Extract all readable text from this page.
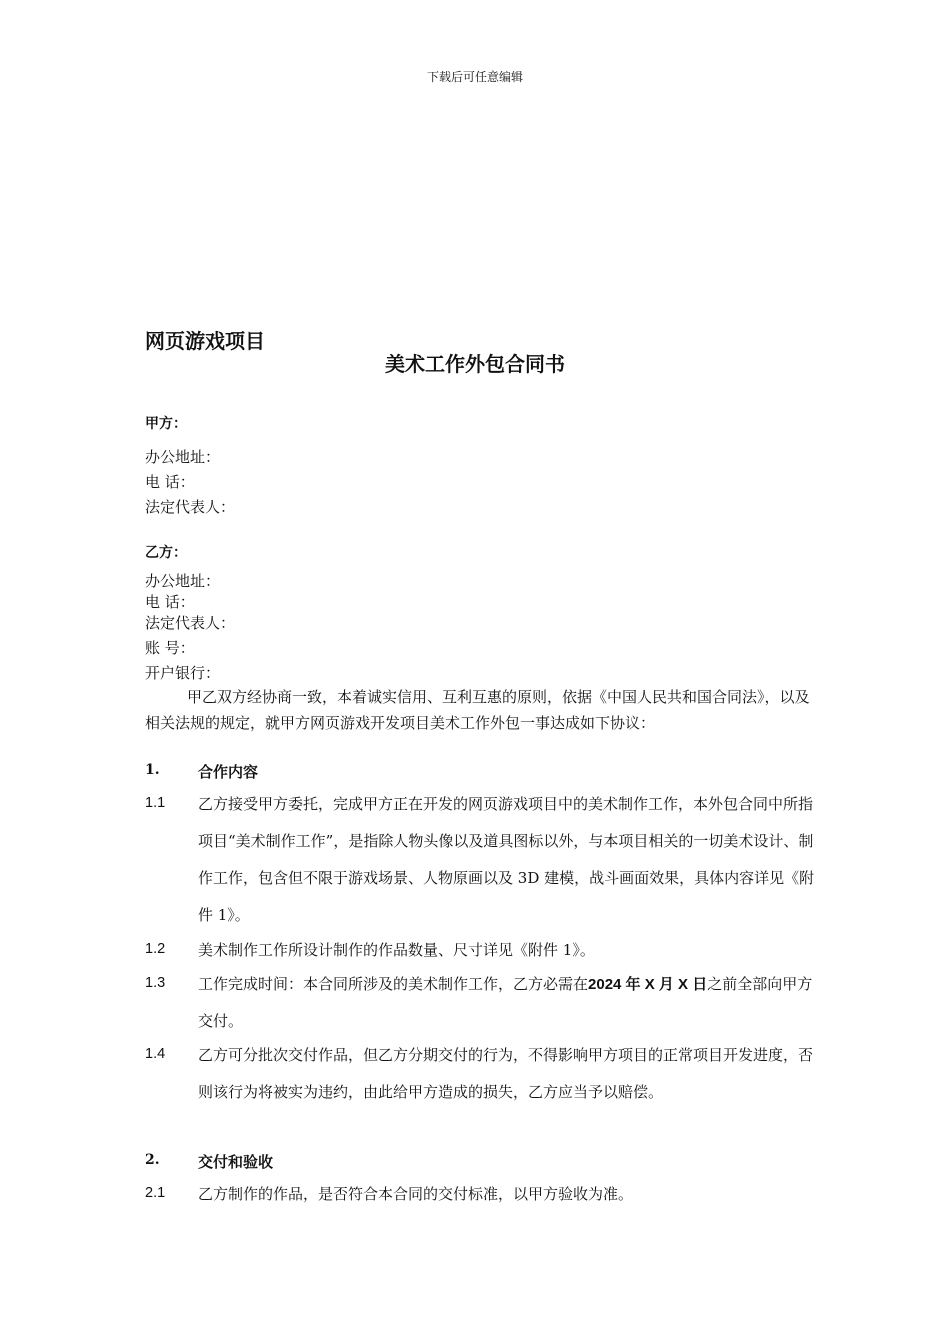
下载后可任意编辑
网页游戏项目
美术工作外包合同书
甲方：
办公地址：
电 话：
法定代表人：
乙方：
办公地址：
电 话：
法定代表人：
账 号：
开户银行：
甲乙双方经协商一致，本着诚实信用、互利互惠的原则，依据《中国人民共和国合同法》，以及相关法规的规定，就甲方网页游戏开发项目美术工作外包一事达成如下协议：
1.	合作内容
1.1 乙方接受甲方委托，完成甲方正在开发的网页游戏项目中的美术制作工作，本外包合同中所指项目“美术制作工作”，是指除人物头像以及道具图标以外，与本项目相关的一切美术设计、制作工作，包含但不限于游戏场景、人物原画以及 3D 建模，战斗画面效果，具体内容详见《附件 1》。
1.2 美术制作工作所设计制作的作品数量、尺寸详见《附件 1》。
1.3 工作完成时间：本合同所涉及的美术制作工作，乙方必需在2024 年 X 月 X 日之前全部向甲方交付。
1.4 乙方可分批次交付作品，但乙方分期交付的行为，不得影响甲方项目的正常项目开发进度，否则该行为将被实为违约，由此给甲方造成的损失，乙方应当予以赔偿。
2.	交付和验收
2.1 乙方制作的作品，是否符合本合同的交付标准，以甲方验收为准。
